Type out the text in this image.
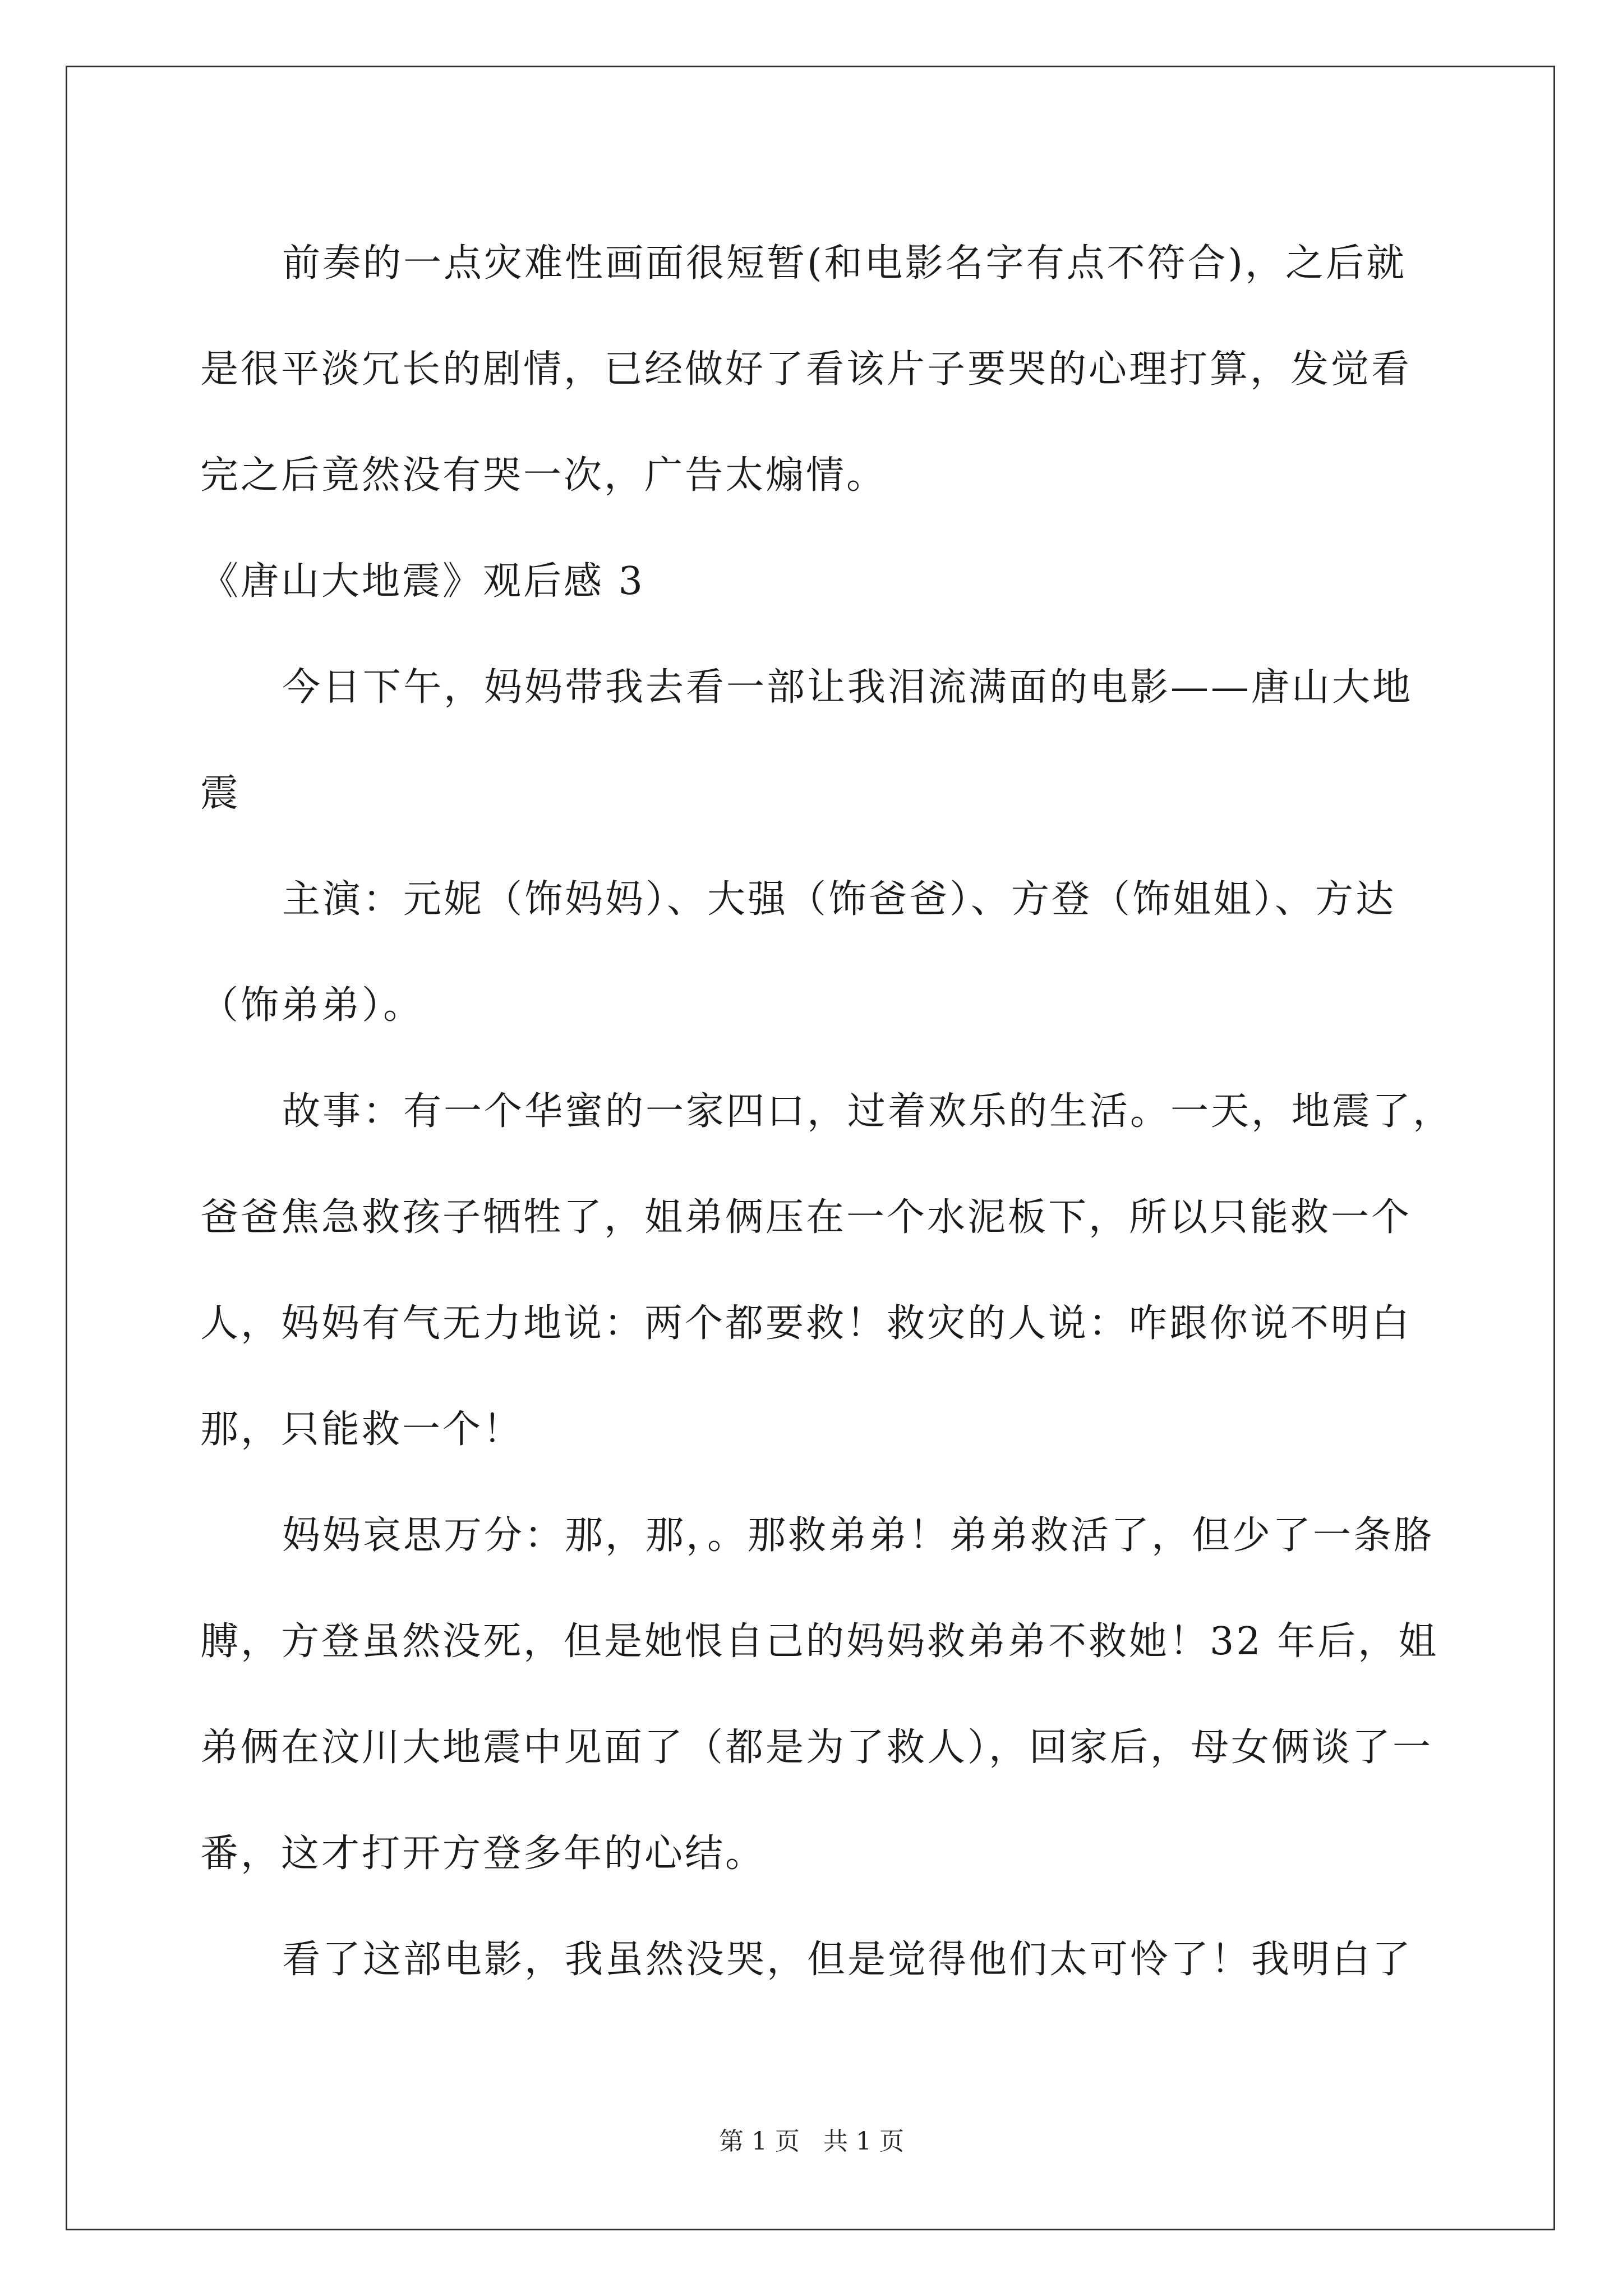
前奏的一点灾难性画面很短暂(和电影名字有点不符合)，之后就
是很平淡冗长的剧情，已经做好了看该片子要哭的心理打算，发觉看
完之后竟然没有哭一次，广告太煽情。
《唐山大地震》观后感 3
今日下午，妈妈带我去看一部让我泪流满面的电影——唐山大地
震
主演：元妮（饰妈妈）、大强（饰爸爸）、方登（饰姐姐）、方达
（饰弟弟）。
故事：有一个华蜜的一家四口，过着欢乐的生活。一天，地震了，
爸爸焦急救孩子牺牲了，姐弟俩压在一个水泥板下，所以只能救一个
人，妈妈有气无力地说：两个都要救！救灾的人说：咋跟你说不明白
那，只能救一个！
妈妈哀思万分：那，那，。那救弟弟！弟弟救活了，但少了一条胳
膊，方登虽然没死，但是她恨自己的妈妈救弟弟不救她！32 年后，姐
弟俩在汶川大地震中见面了（都是为了救人），回家后，母女俩谈了一
番，这才打开方登多年的心结。
看了这部电影，我虽然没哭，但是觉得他们太可怜了！我明白了
第 1 页 共 1 页
